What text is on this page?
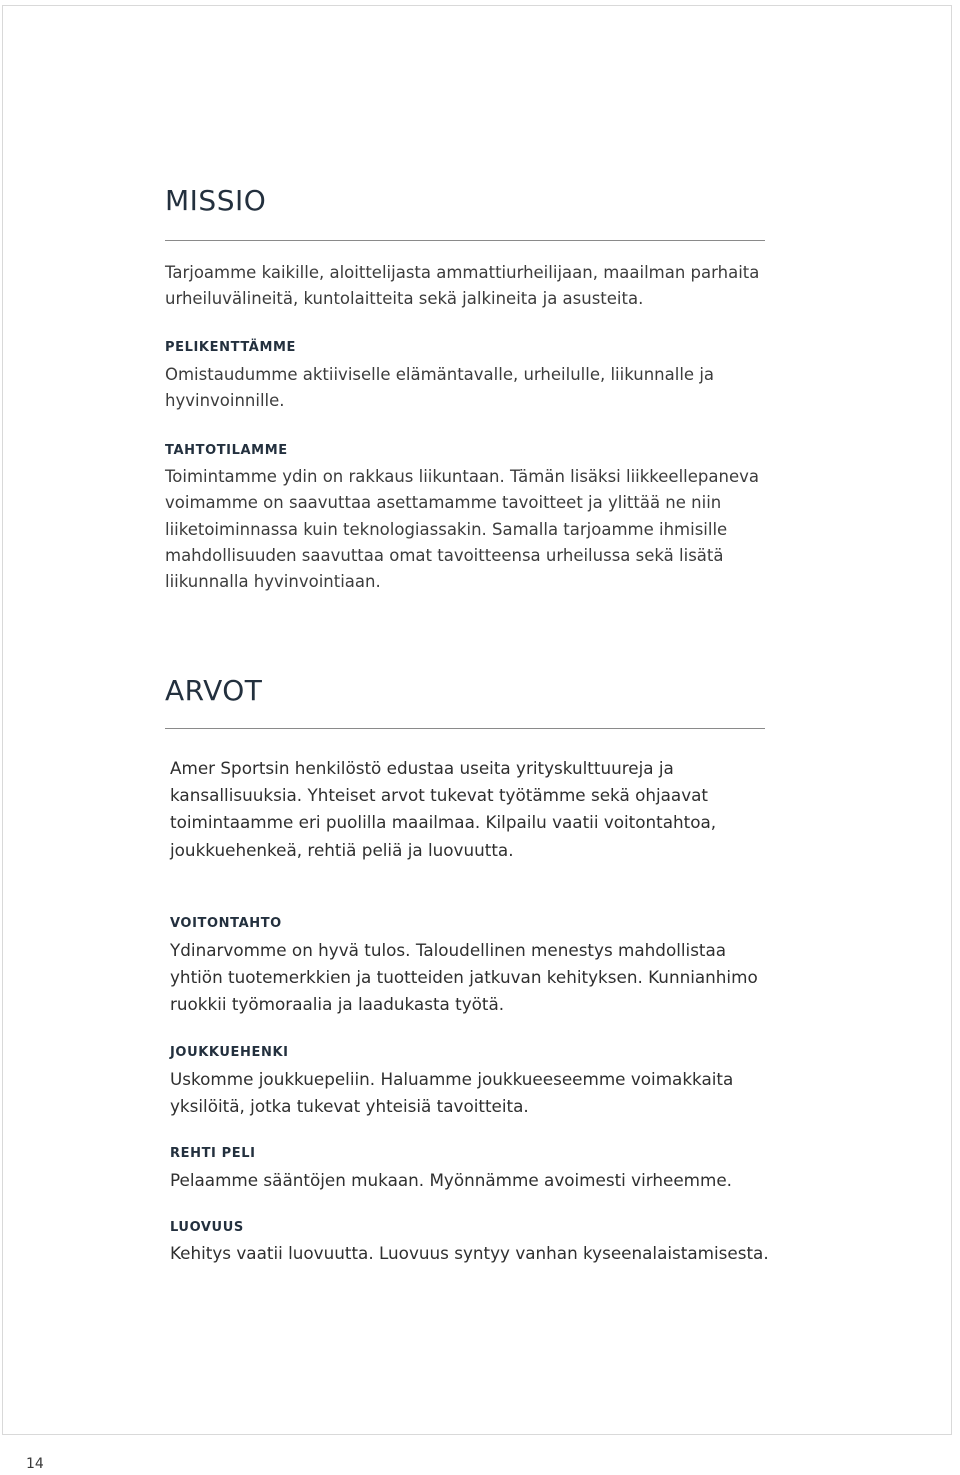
MISSIO

Tarjoamme kaikille, aloittelijasta ammattiurheilijaan, maailman parhaita urheiluvälineitä, kuntolaitteita sekä jalkineita ja asusteita.

PELIKENTTÄMME

Omistaudumme aktiiviselle elämäntavalle, urheilulle, liikunnalle ja hyvinvoinnille.

TAHTOTILAMME

Toimintamme ydin on rakkaus liikuntaan. Tämän lisäksi liikkeellepaneva voimamme on saavuttaa asettamamme tavoitteet ja ylittää ne niin liiketoiminnassa kuin teknologiassakin. Samalla tarjoamme ihmisille mahdollisuuden saavuttaa omat tavoitteensa urheilussa sekä lisätä liikunnalla hyvinvointiaan.

ARVOT

Amer Sportsin henkilöstö edustaa useita yrityskulttuureja ja kansallisuuksia. Yhteiset arvot tukevat työtämme sekä ohjaavat toimintaamme eri puolilla maailmaa. Kilpailu vaatii voitontahtoa, joukkuehenkeä, rehtiä peliä ja luovuutta.

VOITONTAHTO

Ydinarvomme on hyvä tulos. Taloudellinen menestys mahdollistaa yhtiön tuotemerkkien ja tuotteiden jatkuvan kehityksen. Kunnianhimo ruokkii työmoraalia ja laadukasta työtä.

JOUKKUEHENKI

Uskomme joukkuepeliin. Haluamme joukkueeseemme voimakkaita yksilöitä, jotka tukevat yhteisiä tavoitteita.

REHTI PELI

Pelaamme sääntöjen mukaan. Myönnämme avoimesti virheemme.

LUOVUUS

Kehitys vaatii luovuutta. Luovuus syntyy vanhan kyseenalaistamisesta.

14
